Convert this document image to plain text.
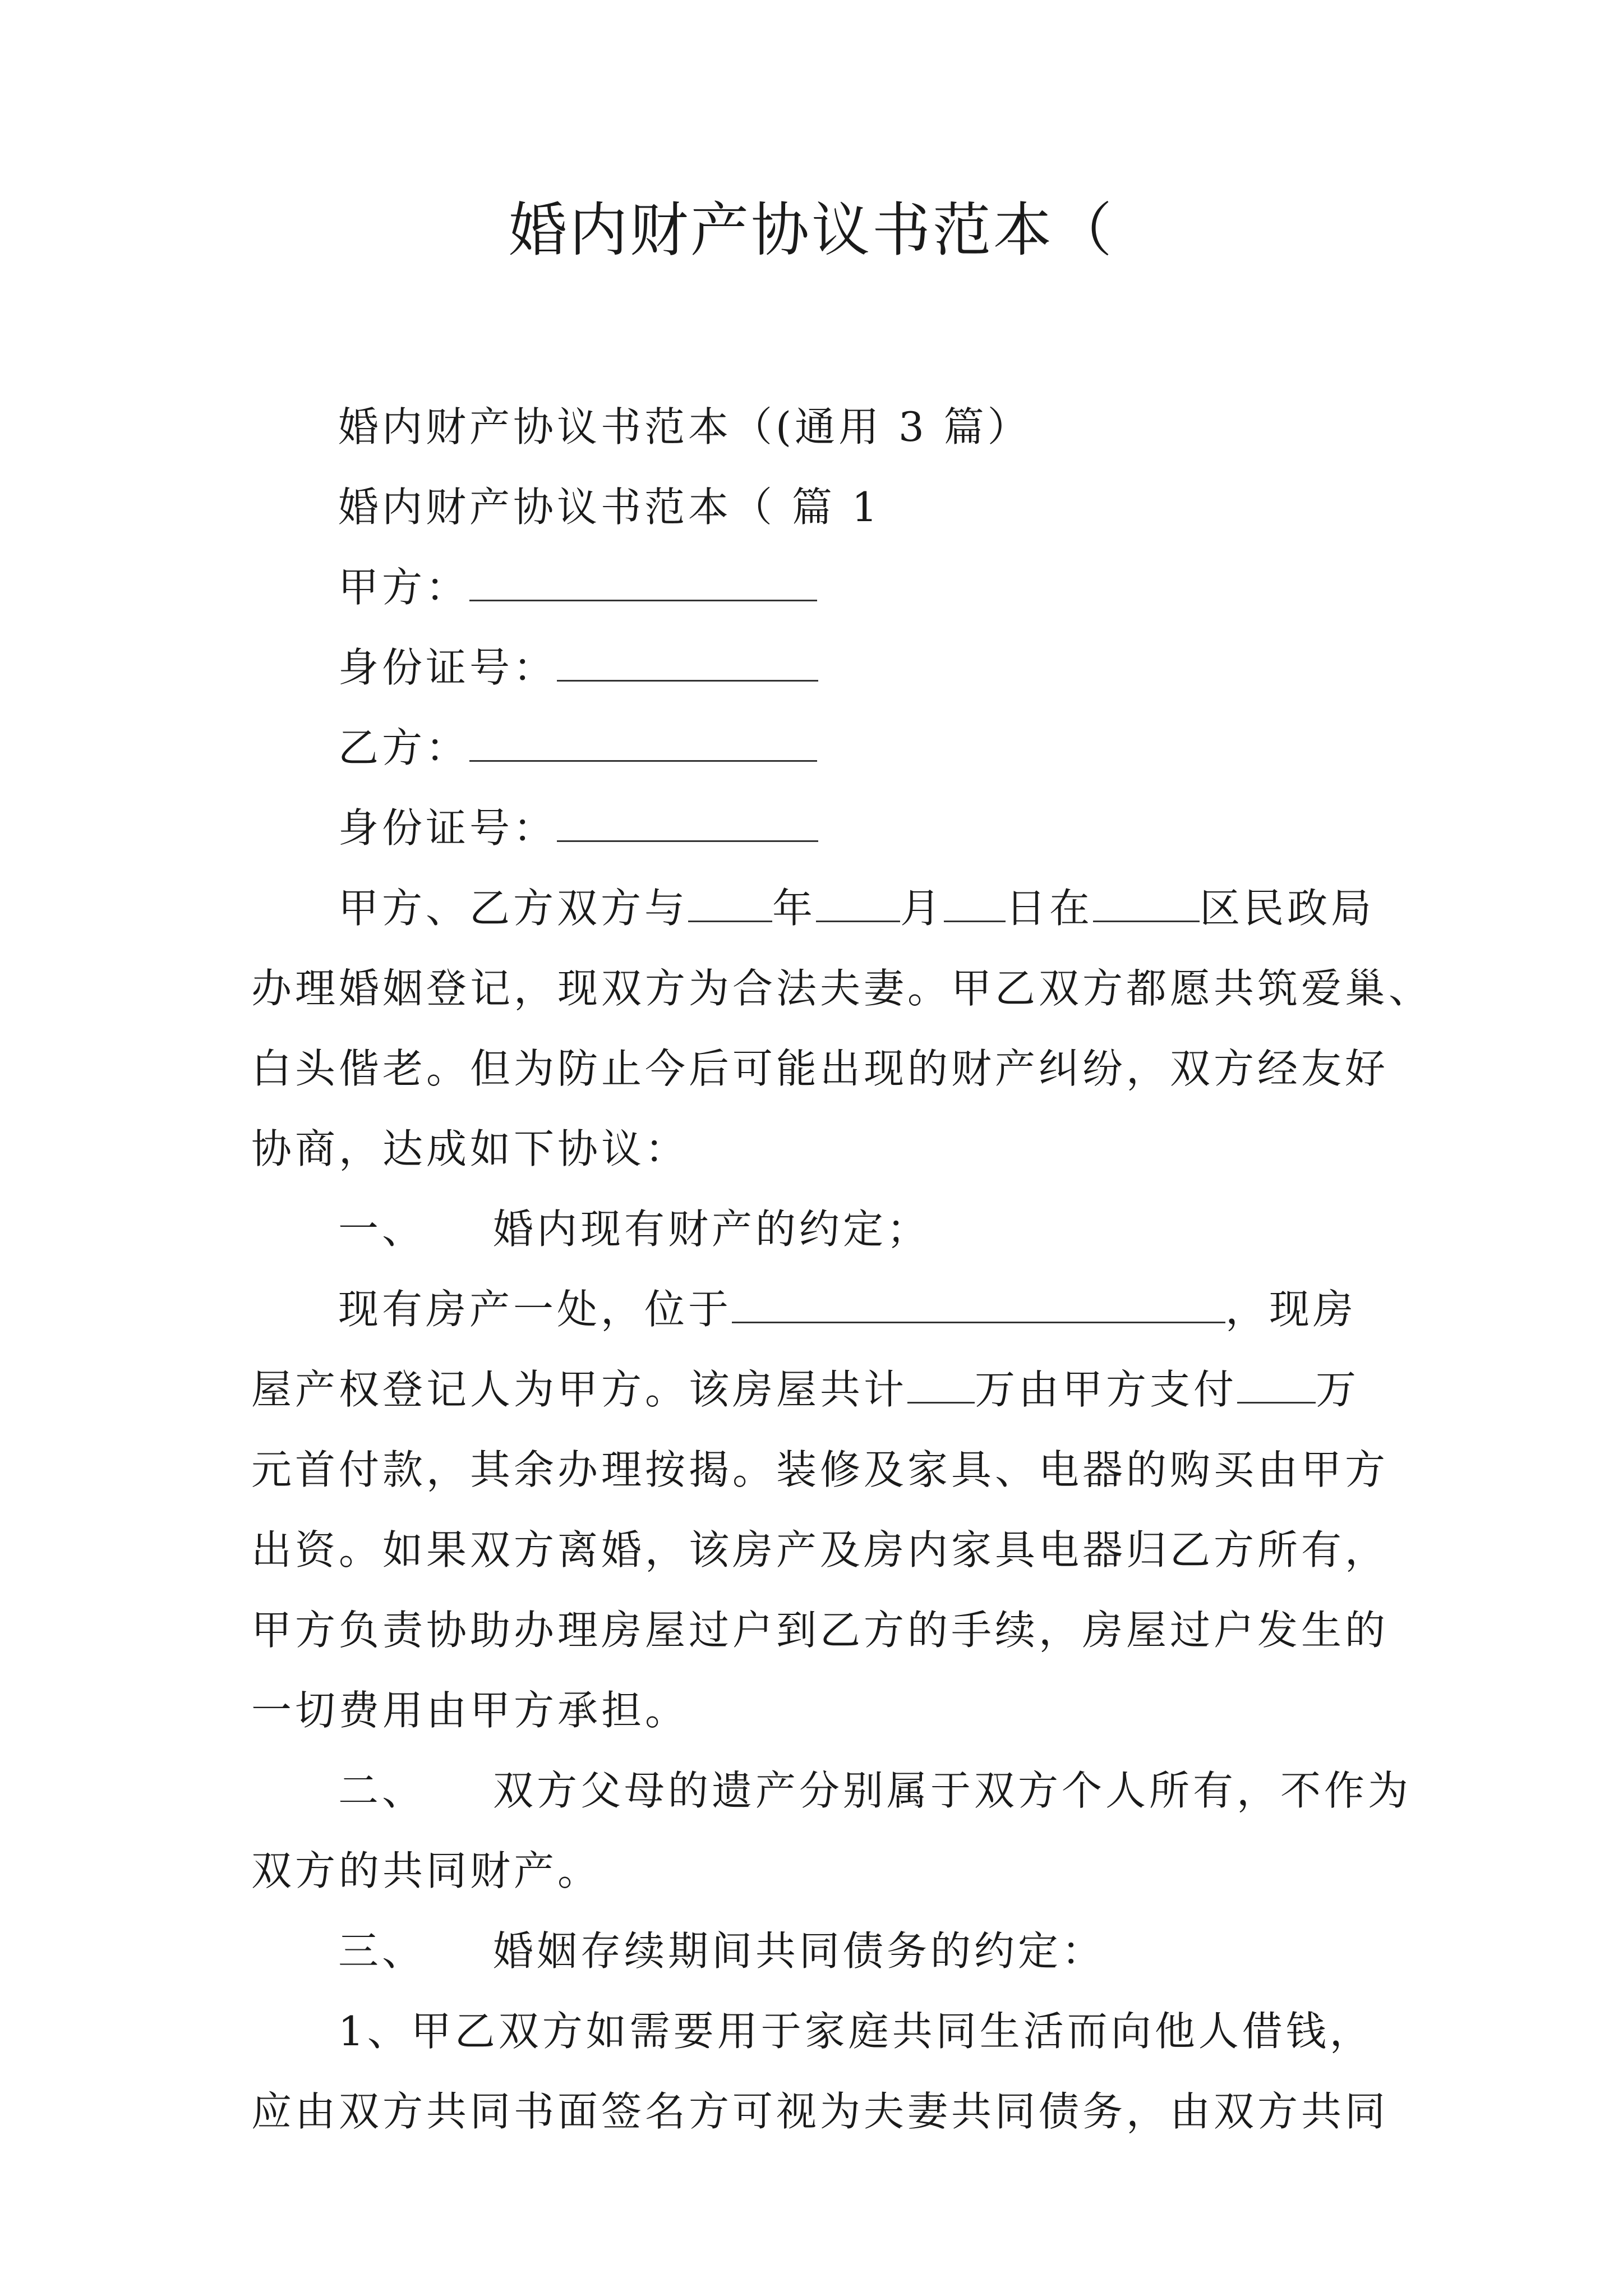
婚内财产协议书范本（
婚内财产协议书范本（(通用 3 篇）
婚内财产协议书范本（ 篇 1
甲方：
身份证号：
乙方：
身份证号：
甲方、乙方双方与 年 月 日在	区民政局
办理婚姻登记，现双方为合法夫妻。甲乙双方都愿共筑爱巢、
白头偕老。但为防止今后可能出现的财产纠纷，双方经友好
协商，达成如下协议：
一、 婚内现有财产的约定；
现有房产一处，位于	，现房
屋产权登记人为甲方。该房屋共计 万由甲方支付 万
元首付款，其余办理按揭。装修及家具、电器的购买由甲方
出资。如果双方离婚，该房产及房内家具电器归乙方所有，
甲方负责协助办理房屋过户到乙方的手续，房屋过户发生的
一切费用由甲方承担。
二、 双方父母的遗产分别属于双方个人所有，不作为
双方的共同财产。
三、 婚姻存续期间共同债务的约定：
1、甲乙双方如需要用于家庭共同生活而向他人借钱，
应由双方共同书面签名方可视为夫妻共同债务，由双方共同
